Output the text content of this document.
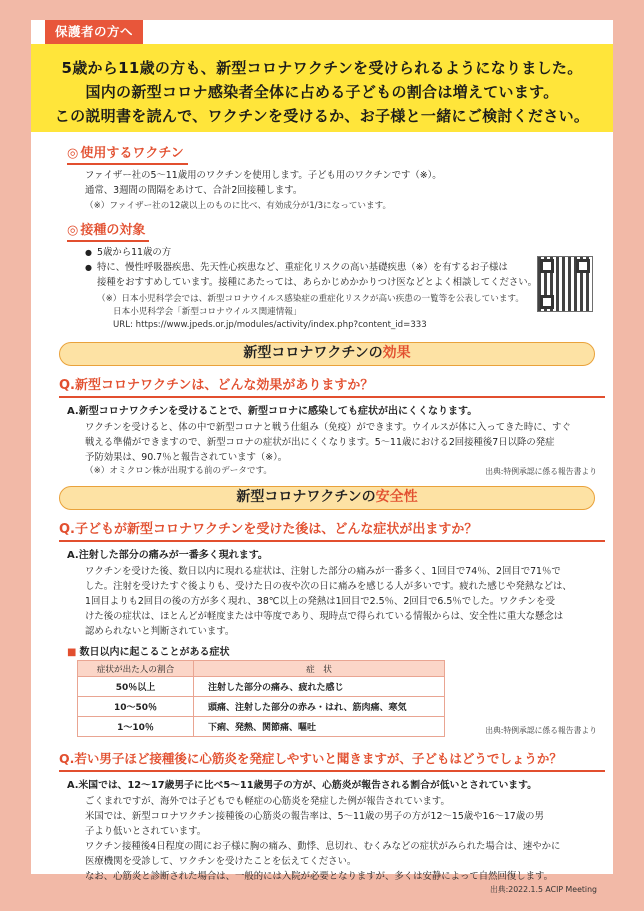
保護者の方へ
5歳から11歳の方も、新型コロナワクチンを受けられるようになりました。
国内の新型コロナ感染者全体に占める子どもの割合は増えています。
この説明書を読んで、ワクチンを受けるか、お子様と一緒にご検討ください。
◎ 使用するワクチン
ファイザー社の5～11歳用のワクチンを使用します。子ども用のワクチンです（※）。
通常、3週間の間隔をあけて、合計2回接種します。
（※）ファイザー社の12歳以上のものに比べ、有効成分が1/3になっています。
◎ 接種の対象
● 5歳から11歳の方
● 特に、慢性呼吸器疾患、先天性心疾患など、重症化リスクの高い基礎疾患（※）を有するお子様は
接種をおすすめしています。接種にあたっては、あらかじめかかりつけ医などとよく相談してください。
（※）日本小児科学会では、新型コロナウイルス感染症の重症化リスクが高い疾患の一覧等を公表しています。
日本小児科学会「新型コロナウイルス関連情報」
URL: https://www.jpeds.or.jp/modules/activity/index.php?content_id=333
新型コロナワクチンの効果
Q.新型コロナワクチンは、どんな効果がありますか？
A.新型コロナワクチンを受けることで、新型コロナに感染しても症状が出にくくなります。
ワクチンを受けると、体の中で新型コロナと戦う仕組み（免疫）ができます。ウイルスが体に入ってきた時に、すぐ
戦える準備ができますので、新型コロナの症状が出にくくなります。5～11歳における2回接種後7日以降の発症
予防効果は、90.7％と報告されています（※）。
（※）オミクロン株が出現する前のデータです。	出典:特例承認に係る報告書より
新型コロナワクチンの安全性
Q.子どもが新型コロナワクチンを受けた後は、どんな症状が出ますか？
A.注射した部分の痛みが一番多く現れます。
ワクチンを受けた後、数日以内に現れる症状は、注射した部分の痛みが一番多く、1回目で74％、2回目で71％で
した。注射を受けたすぐ後よりも、受けた日の夜や次の日に痛みを感じる人が多いです。疲れた感じや発熱などは、
1回目よりも2回目の後の方が多く現れ、38℃以上の発熱は1回目で2.5％、2回目で6.5％でした。ワクチンを受
けた後の症状は、ほとんどが軽度または中等度であり、現時点で得られている情報からは、安全性に重大な懸念は
認められないと判断されています。
■ 数日以内に起こることがある症状
症状が出た人の割合	症　状
50％以上	注射した部分の痛み、疲れた感じ
10～50％	頭痛、注射した部分の赤み・はれ、筋肉痛、寒気
1～10％	下痢、発熱、関節痛、嘔吐	出典:特例承認に係る報告書より
Q.若い男子ほど接種後に心筋炎を発症しやすいと聞きますが、子どもはどうでしょうか？
A.米国では、12～17歳男子に比べ5～11歳男子の方が、心筋炎が報告される割合が低いとされています。
ごくまれですが、海外では子どもでも軽症の心筋炎を発症した例が報告されています。
米国では、新型コロナワクチン接種後の心筋炎の報告率は、5～11歳の男子の方が12～15歳や16～17歳の男
子より低いとされています。
ワクチン接種後4日程度の間にお子様に胸の痛み、動悸、息切れ、むくみなどの症状がみられた場合は、速やかに
医療機関を受診して、ワクチンを受けたことを伝えてください。
なお、心筋炎と診断された場合は、一般的には入院が必要となりますが、多くは安静によって自然回復します。
出典:2022.1.5 ACIP Meeting
